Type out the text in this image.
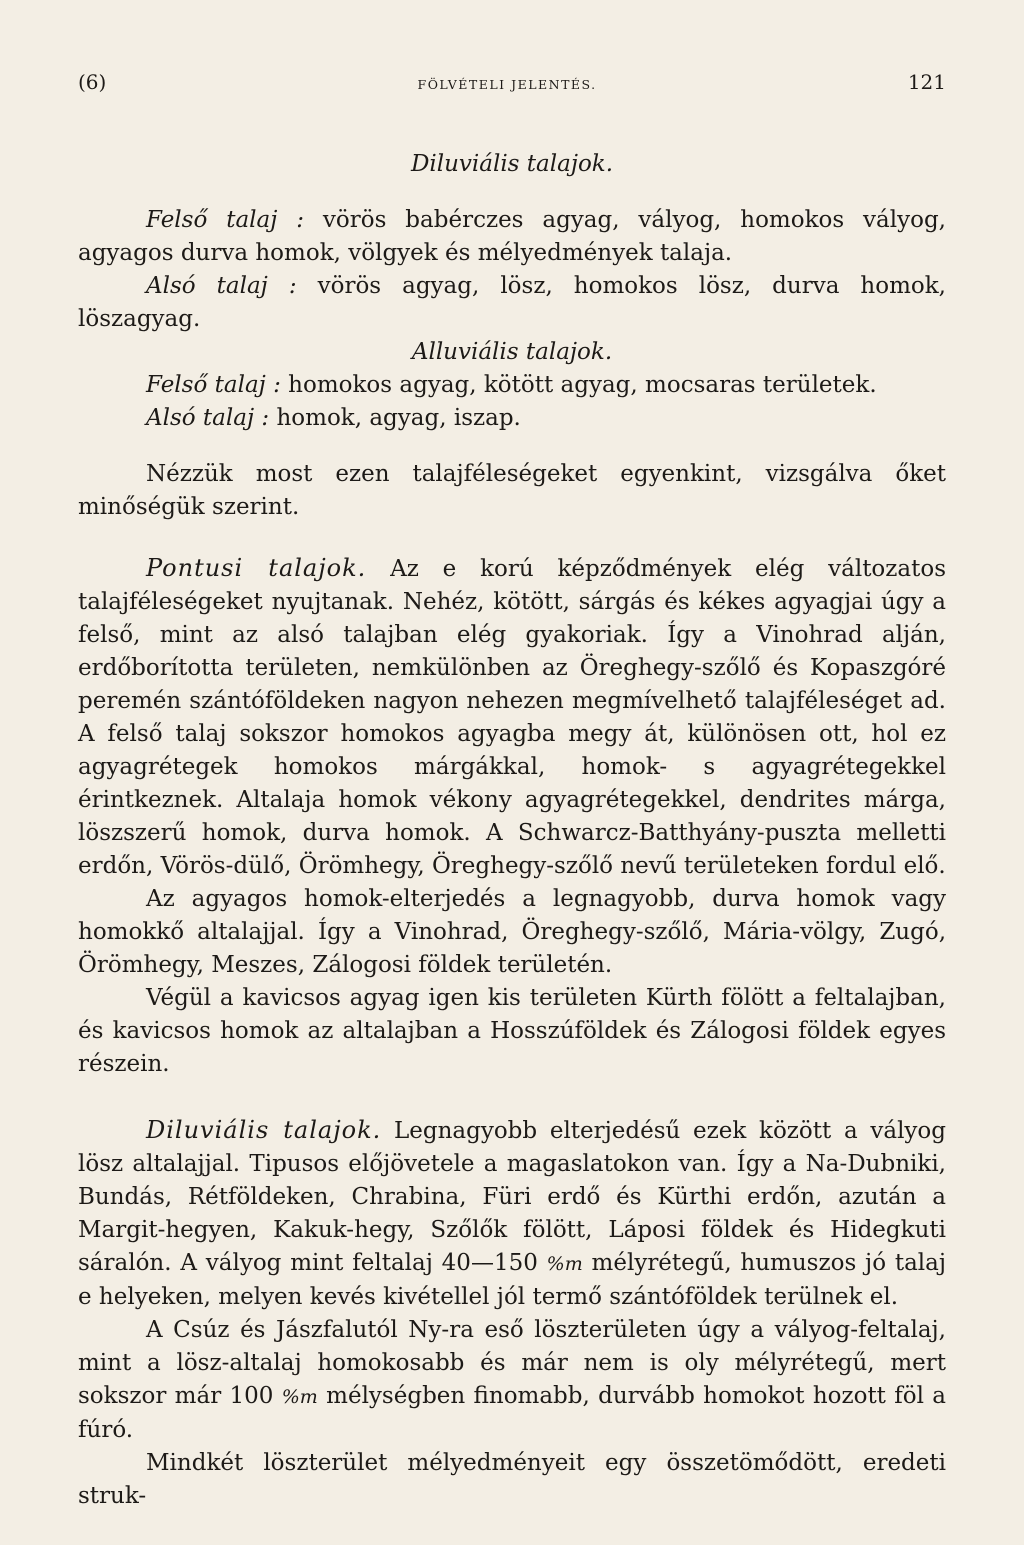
(6)	FÖLVÉTELI JELENTÉS.	121
Diluviális talajok.

Felső talaj : vörös babérczes agyag, vályog, homokos vályog, agyagos durva homok, völgyek és mélyedmények talaja.

Alsó talaj : vörös agyag, lösz, homokos lösz, durva homok, löszagyag.

Alluviális talajok.

Felső talaj : homokos agyag, kötött agyag, mocsaras területek.

Alsó talaj : homok, agyag, iszap.

Nézzük most ezen talajféleségeket egyenkint, vizsgálva őket minőségük szerint.

Pontusi talajok. Az e korú képződmények elég változatos talajféleségeket nyujtanak. Nehéz, kötött, sárgás és kékes agyagjai úgy a felső, mint az alsó talajban elég gyakoriak. Így a Vinohrad alján, erdőborította területen, nemkülönben az Öreghegy-szőlő és Kopaszgóré peremén szántóföldeken nagyon nehezen megmívelhető talajféleséget ad. A felső talaj sokszor homokos agyagba megy át, különösen ott, hol ez agyagrétegek homokos márgákkal, homok- s agyagrétegekkel érintkeznek. Altalaja homok vékony agyagrétegekkel, dendrites márga, löszszerű homok, durva homok. A Schwarcz-Batthyány-puszta melletti erdőn, Vörös-dülő, Örömhegy, Öreghegy-szőlő nevű területeken fordul elő.

Az agyagos homok-elterjedés a legnagyobb, durva homok vagy homokkő altalajjal. Így a Vinohrad, Öreghegy-szőlő, Mária-völgy, Zugó, Örömhegy, Meszes, Zálogosi földek területén.

Végül a kavicsos agyag igen kis területen Kürth fölött a feltalajban, és kavicsos homok az altalajban a Hosszúföldek és Zálogosi földek egyes részein.

Diluviális talajok. Legnagyobb elterjedésű ezek között a vályog lösz altalajjal. Tipusos előjövetele a magaslatokon van. Így a Na-Dubniki, Bundás, Rétföldeken, Chrabina, Füri erdő és Kürthi erdőn, azután a Margit-hegyen, Kakuk-hegy, Szőlők fölött, Láposi földek és Hidegkuti sáralón. A vályog mint feltalaj 40—150 %m mélyrétegű, humuszos jó talaj e helyeken, melyen kevés kivétellel jól termő szántóföldek terülnek el.

A Csúz és Jászfalutól Ny-ra eső löszterületen úgy a vályog-feltalaj, mint a lösz-altalaj homokosabb és már nem is oly mélyrétegű, mert sokszor már 100 %m mélységben finomabb, durvább homokot hozott föl a fúró.

Mindkét löszterület mélyedményeit egy összetömődött, eredeti struk-
